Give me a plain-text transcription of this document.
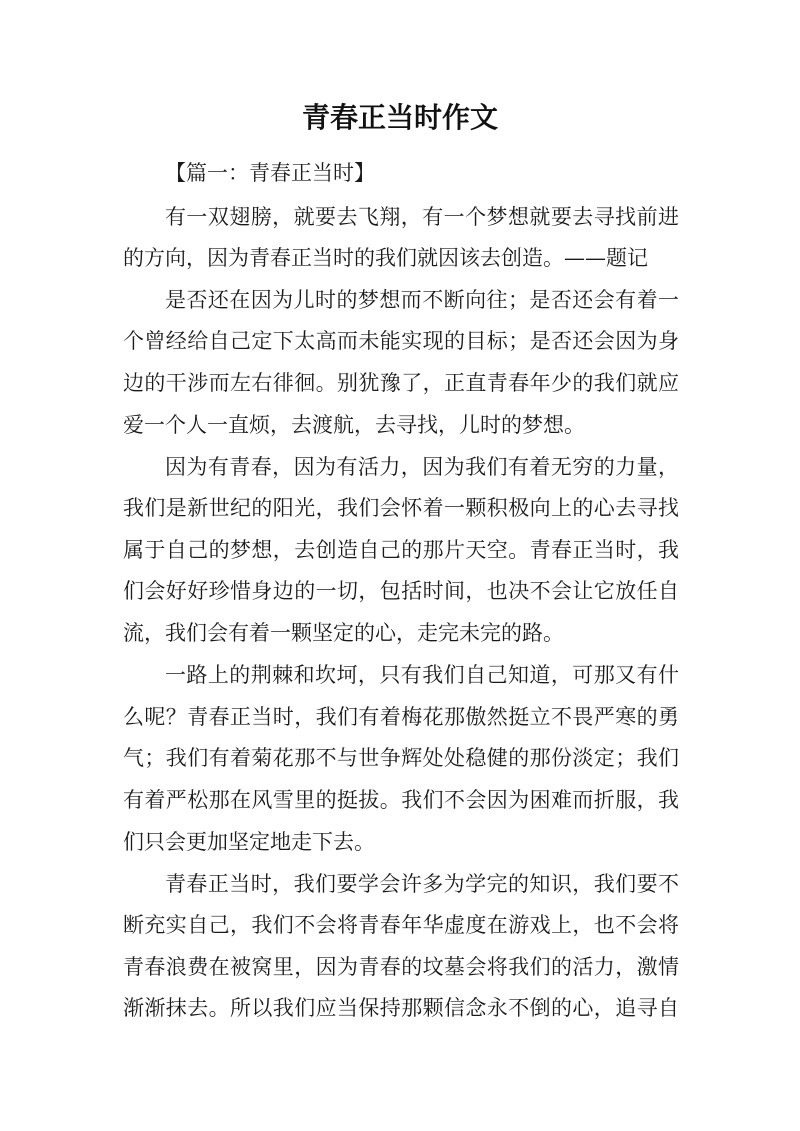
青春正当时作文
【篇一：青春正当时】
有一双翅膀，就要去飞翔，有一个梦想就要去寻找前进
的方向，因为青春正当时的我们就因该去创造。——题记
是否还在因为儿时的梦想而不断向往；是否还会有着一
个曾经给自己定下太高而未能实现的目标；是否还会因为身
边的干涉而左右徘徊。别犹豫了，正直青春年少的我们就应
爱一个人一直烦，去渡航，去寻找，儿时的梦想。
因为有青春，因为有活力，因为我们有着无穷的力量，
我们是新世纪的阳光，我们会怀着一颗积极向上的心去寻找
属于自己的梦想，去创造自己的那片天空。青春正当时，我
们会好好珍惜身边的一切，包括时间，也决不会让它放任自
流，我们会有着一颗坚定的心，走完未完的路。
一路上的荆棘和坎坷，只有我们自己知道，可那又有什
么呢？青春正当时，我们有着梅花那傲然挺立不畏严寒的勇
气；我们有着菊花那不与世争辉处处稳健的那份淡定；我们
有着严松那在风雪里的挺拔。我们不会因为困难而折服，我
们只会更加坚定地走下去。
青春正当时，我们要学会许多为学完的知识，我们要不
断充实自己，我们不会将青春年华虚度在游戏上，也不会将
青春浪费在被窝里，因为青春的坟墓会将我们的活力，激情
渐渐抹去。所以我们应当保持那颗信念永不倒的心，追寻自
